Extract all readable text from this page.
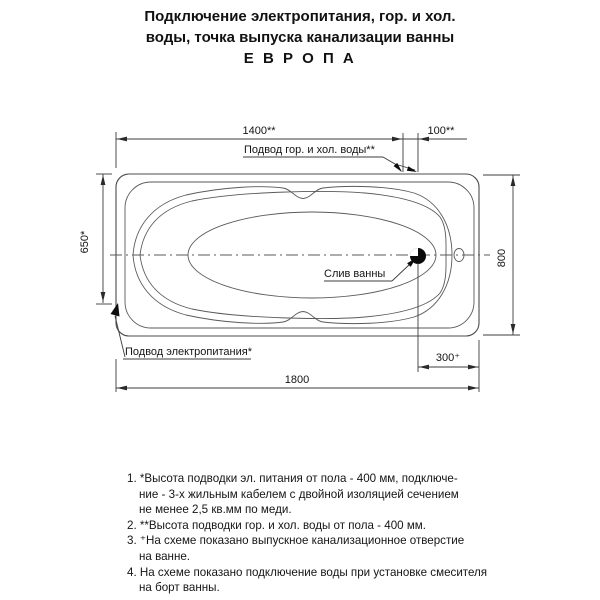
Подключение электропитания, гор. и хол.
воды, точка выпуска канализации ванны
Е В Р О П А
1400**	100**
650*
800
300⁺
1800
Подвод гор. и хол. воды**
Подвод электропитания*
Слив ванны
1. *Высота подводки эл. питания от пола - 400 мм, подключе-
ние - 3-х жильным кабелем с двойной изоляцией сечением
не менее 2,5 кв.мм по меди.
2. **Высота подводки гор. и хол. воды от пола - 400 мм.
3. ⁺На схеме показано выпускное канализационное отверстие
на ванне.
4. На схеме показано подключение воды при установке смесителя
на борт ванны.
